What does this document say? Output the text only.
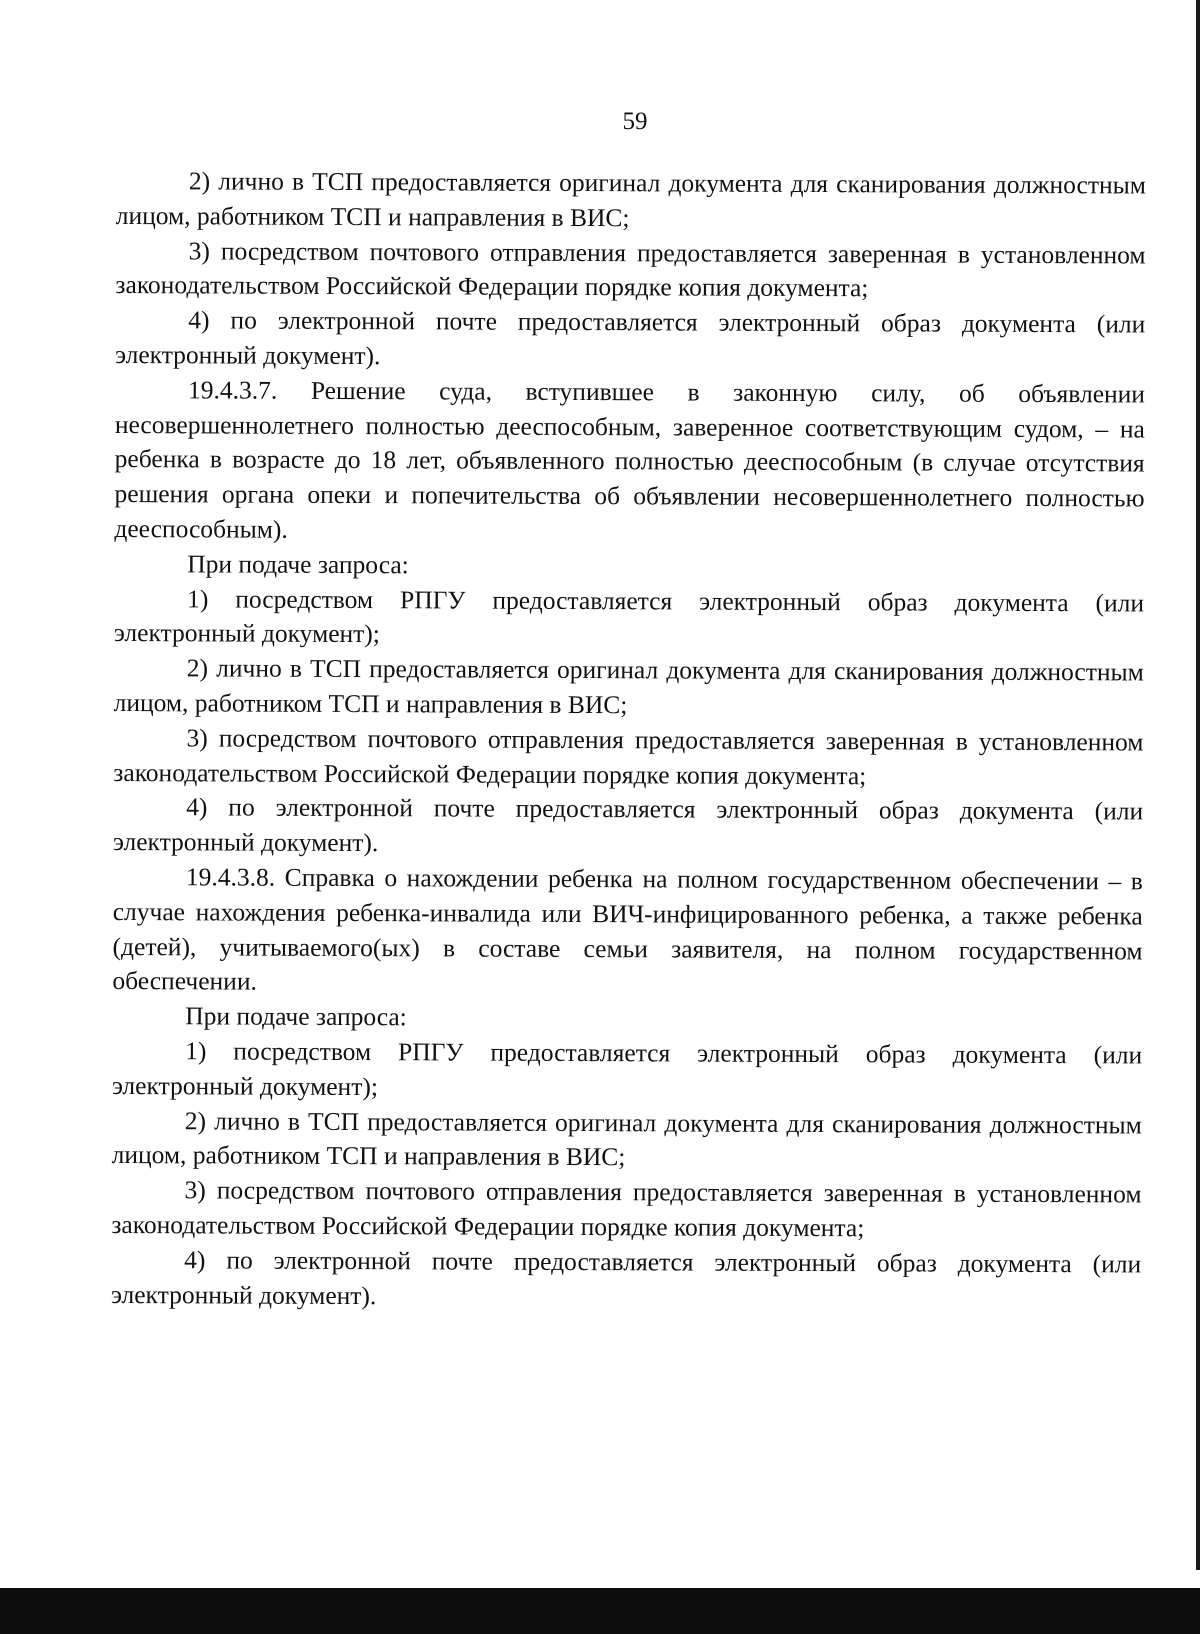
59

2) лично в ТСП предоставляется оригинал документа для сканирования должностным лицом, работником ТСП и направления в ВИС;

3) посредством почтового отправления предоставляется заверенная в установленном законодательством Российской Федерации порядке копия документа;

4) по электронной почте предоставляется электронный образ документа (или электронный документ).

19.4.3.7. Решение суда, вступившее в законную силу, об объявлении несовершеннолетнего полностью дееспособным, заверенное соответствующим судом, – на ребенка в возрасте до 18 лет, объявленного полностью дееспособным (в случае отсутствия решения органа опеки и попечительства об объявлении несовершеннолетнего полностью дееспособным).

При подаче запроса:

1) посредством РПГУ предоставляется электронный образ документа (или электронный документ);

2) лично в ТСП предоставляется оригинал документа для сканирования должностным лицом, работником ТСП и направления в ВИС;

3) посредством почтового отправления предоставляется заверенная в установленном законодательством Российской Федерации порядке копия документа;

4) по электронной почте предоставляется электронный образ документа (или электронный документ).

19.4.3.8. Справка о нахождении ребенка на полном государственном обеспечении – в случае нахождения ребенка-инвалида или ВИЧ-инфицированного ребенка, а также ребенка (детей), учитываемого(ых) в составе семьи заявителя, на полном государственном обеспечении.

При подаче запроса:

1) посредством РПГУ предоставляется электронный образ документа (или электронный документ);

2) лично в ТСП предоставляется оригинал документа для сканирования должностным лицом, работником ТСП и направления в ВИС;

3) посредством почтового отправления предоставляется заверенная в установленном законодательством Российской Федерации порядке копия документа;

4) по электронной почте предоставляется электронный образ документа (или электронный документ).
